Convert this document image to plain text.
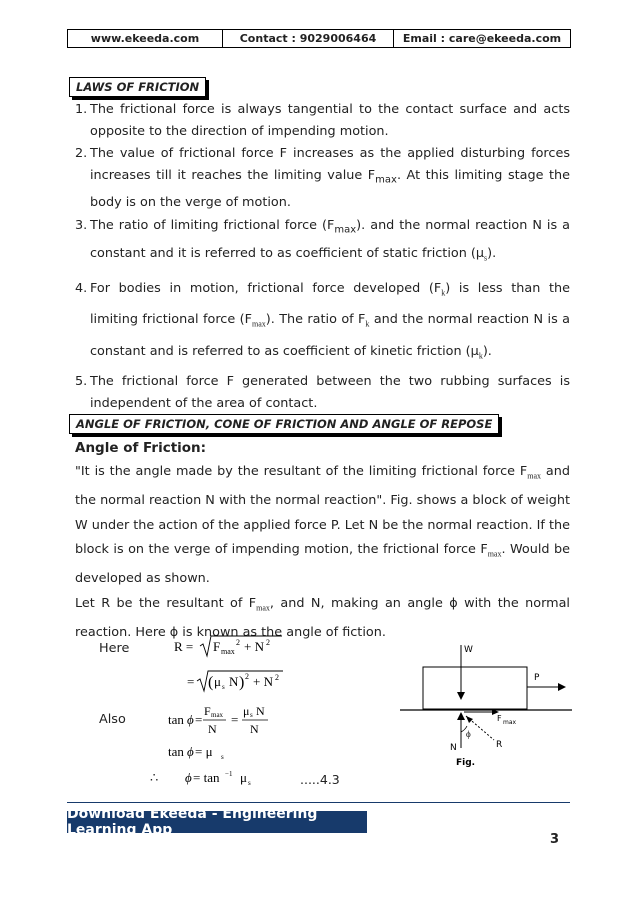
www.ekeeda.com	Contact : 9029006464	Email : care@ekeeda.com
LAWS OF FRICTION
1. The frictional force is always tangential to the contact surface and acts opposite to the direction of impending motion.
2. The value of frictional force F increases as the applied disturbing forces increases till it reaches the limiting value $F_{max}$. At this limiting stage the body is on the verge of motion.
3. The ratio of limiting frictional force $(F_{max})$. and the normal reaction N is a constant and it is referred to as coefficient of static friction $(\mu_s)$.
4. For bodies in motion, frictional force developed $(F_k)$ is less than the limiting frictional force $(F_{max})$. The ratio of $F_k$ and the normal reaction N is a constant and is referred to as coefficient of kinetic friction $(\mu_k)$.
5. The frictional force F generated between the two rubbing surfaces is independent of the area of contact.
ANGLE OF FRICTION, CONE OF FRICTION AND ANGLE OF REPOSE
Angle of Friction:
"It is the angle made by the resultant of the limiting frictional force $F_{max}$ and the normal reaction N with the normal reaction". Fig. shows a block of weight W under the action of the applied force P. Let N be the normal reaction. If the block is on the verge of impending motion, the frictional force $F_{max}$. Would be developed as shown.
Let R be the resultant of $F_{max}$, and N, making an angle ϕ with the normal reaction. Here ϕ is known as the angle of fiction.
Here	R = F max
2 + N 2
= ( μ s N ) 2 + N 2
Also	tan ϕ =
F max
N
=
μ s N
N
tan ϕ = μ s
∴ ϕ = tan −1 μ s	.....4.3
W
P
F max
ϕ
N	R
Fig.
Download Ekeeda - Engineering Learning App
3
